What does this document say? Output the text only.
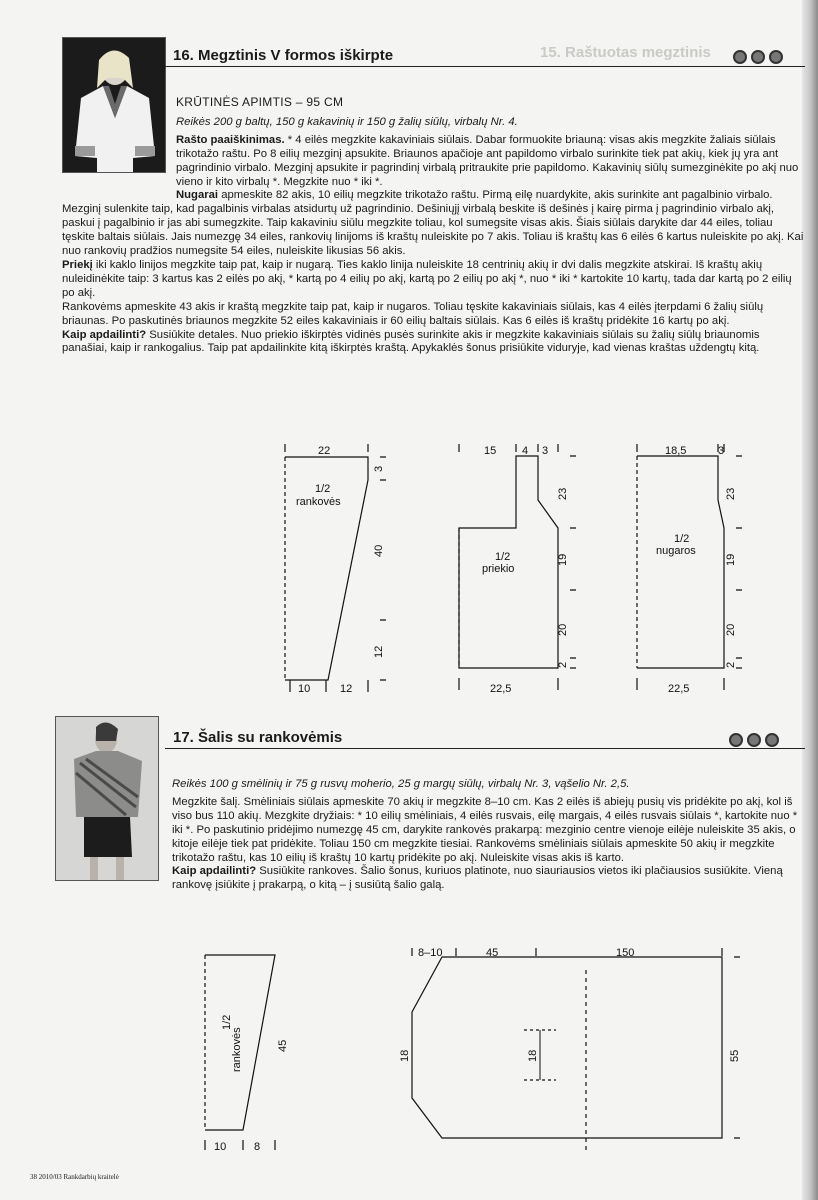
15. Raštuotas megztinis
16. Megztinis V formos iškirpte

KRŪTINĖS APIMTIS – 95 CM

Reikės 200 g baltų, 150 g kakavinių ir 150 g žalių siūlų, virbalų Nr. 4.

Rašto paaiškinimas. * 4 eilės megzkite kakaviniais siūlais. Dabar formuokite briauną: visas akis megzkite žaliais siūlais trikotažo raštu. Po 8 eilių mezginį apsukite. Briaunos apačioje ant papildomo virbalo surinkite tiek pat akių, kiek jų yra ant pagrindinio virbalo. Mezginį apsukite ir pagrindinį virbalą pritraukite prie papildomo. Kakavinių siūlų sumezginėkite po akį nuo vieno ir kito virbalų *. Megzkite nuo * iki *.

Nugarai apmeskite 82 akis, 10 eilių megzkite trikotažo raštu. Pirmą eilę nuardykite, akis surinkite ant pagalbinio virbalo. Mezginį sulenkite taip, kad pagalbinis virbalas atsidurtų už pagrindinio. Dešiniųjį virbalą beskite iš dešinės į kairę pirma į pagrindinio virbalo akį, paskui į pagalbinio ir jas abi sumegzkite. Taip kakaviniu siūlu megzkite toliau, kol sumegsite visas akis. Šiais siūlais darykite dar 44 eiles, toliau tęskite baltais siūlais. Jais numezgę 34 eiles, rankovių linijoms iš kraštų nuleiskite po 7 akis. Toliau iš kraštų kas 6 eilės 6 kartus nuleiskite po akį. Kai nuo rankovių pradžios numegsite 54 eiles, nuleiskite likusias 56 akis.

Priekį iki kaklo linijos megzkite taip pat, kaip ir nugarą. Ties kaklo linija nuleiskite 18 centrinių akių ir dvi dalis megzkite atskirai. Iš kraštų akių nuleidinėkite taip: 3 kartus kas 2 eilės po akį, * kartą po 4 eilių po akį, kartą po 2 eilių po akį *, nuo * iki * kartokite 10 kartų, tada dar kartą po 2 eilių po akį.

Rankovėms apmeskite 43 akis ir kraštą megzkite taip pat, kaip ir nugaros. Toliau tęskite kakaviniais siūlais, kas 4 eilės įterpdami 6 žalių siūlų briaunas. Po paskutinės briaunos megzkite 52 eiles kakaviniais ir 60 eilių baltais siūlais. Kas 6 eilės iš kraštų pridėkite 16 kartų po akį.

Kaip apdailinti? Susiūkite detales. Nuo priekio iškirptės vidinės pusės surinkite akis ir megzkite kakaviniais siūlais su žalių siūlų briaunomis panašiai, kaip ir rankogalius. Taip pat apdailinkite kitą iškirptės kraštą. Apykaklės šonus prisiūkite viduryje, kad vienas kraštas uždengtų kitą.

22
1/2
rankovės
3
40
12
10	12
15 4 3
1/2
priekio
23
19
20
2
22,5
18,5	3
1/2
nugaros
23
19
20
2
22,5
17. Šalis su rankovėmis

Reikės 100 g smėlinių ir 75 g rusvų moherio, 25 g margų siūlų, virbalų Nr. 3, vąšelio Nr. 2,5.

Megzkite šalį. Smėliniais siūlais apmeskite 70 akių ir megzkite 8–10 cm. Kas 2 eilės iš abiejų pusių vis pridėkite po akį, kol iš viso bus 110 akių. Mezgkite dryžiais: * 10 eilių smėliniais, 4 eilės rusvais, eilę margais, 4 eilės rusvais siūlais *, kartokite nuo * iki *. Po paskutinio pridėjimo numezgę 45 cm, darykite rankovės prakarpą: mezginio centre vienoje eilėje nuleiskite 35 akis, o kitoje eilėje tiek pat pridėkite. Toliau 150 cm megzkite tiesiai. Rankovėms smėliniais siūlais apmeskite 50 akių ir megzkite trikotažo raštu, kas 10 eilių iš kraštų 10 kartų pridėkite po akį. Nuleiskite visas akis iš karto.

Kaip apdailinti? Susiūkite rankoves. Šalio šonus, kuriuos platinote, nuo siauriausios vietos iki plačiausios susiūkite. Vieną rankovę įsiūkite į prakarpą, o kitą – į susiūtą šalio galą.

1/2
rankovės	45
10	8
8–10	45	150
18	18	55
38 2010/03 Rankdarbių kraitelė
